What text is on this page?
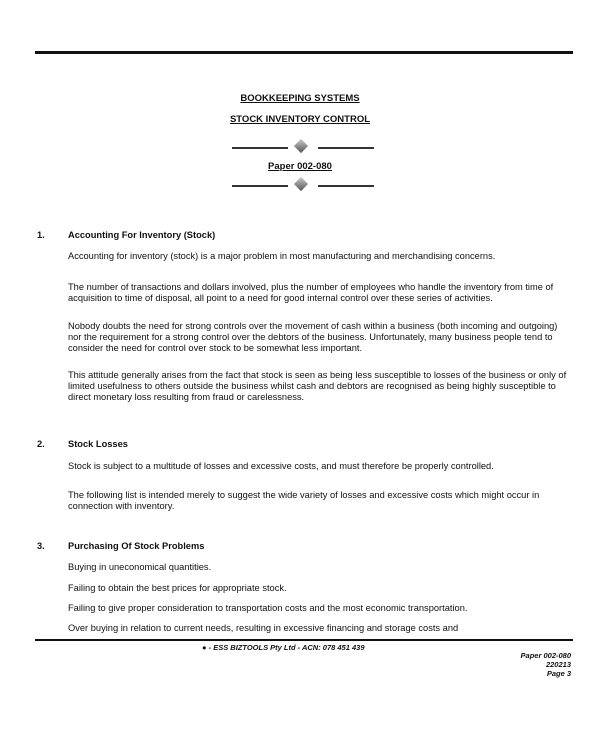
BOOKKEEPING SYSTEMS
STOCK INVENTORY CONTROL
Paper 002-080
1. Accounting For Inventory (Stock)
Accounting for inventory (stock) is a major problem in most manufacturing and merchandising concerns.
The number of transactions and dollars involved, plus the number of employees who handle the inventory from time of acquisition to time of disposal, all point to a need for good internal control over these series of activities.
Nobody doubts the need for strong controls over the movement of cash within a business (both incoming and outgoing) nor the requirement for a strong control over the debtors of the business. Unfortunately, many business people tend to consider the need for control over stock to be somewhat less important.
This attitude generally arises from the fact that stock is seen as being less susceptible to losses of the business or only of limited usefulness to others outside the business whilst cash and debtors are recognised as being highly susceptible to direct monetary loss resulting from fraud or carelessness.
2. Stock Losses
Stock is subject to a multitude of losses and excessive costs, and must therefore be properly controlled.
The following list is intended merely to suggest the wide variety of losses and excessive costs which might occur in connection with inventory.
3. Purchasing Of Stock Problems
Buying in uneconomical quantities.
Failing to obtain the best prices for appropriate stock.
Failing to give proper consideration to transportation costs and the most economic transportation.
Over buying in relation to current needs, resulting in excessive financing and storage costs and
● - ESS BIZTOOLS Pty Ltd - ACN: 078 451 439
Paper 002-080
220213
Page 3
